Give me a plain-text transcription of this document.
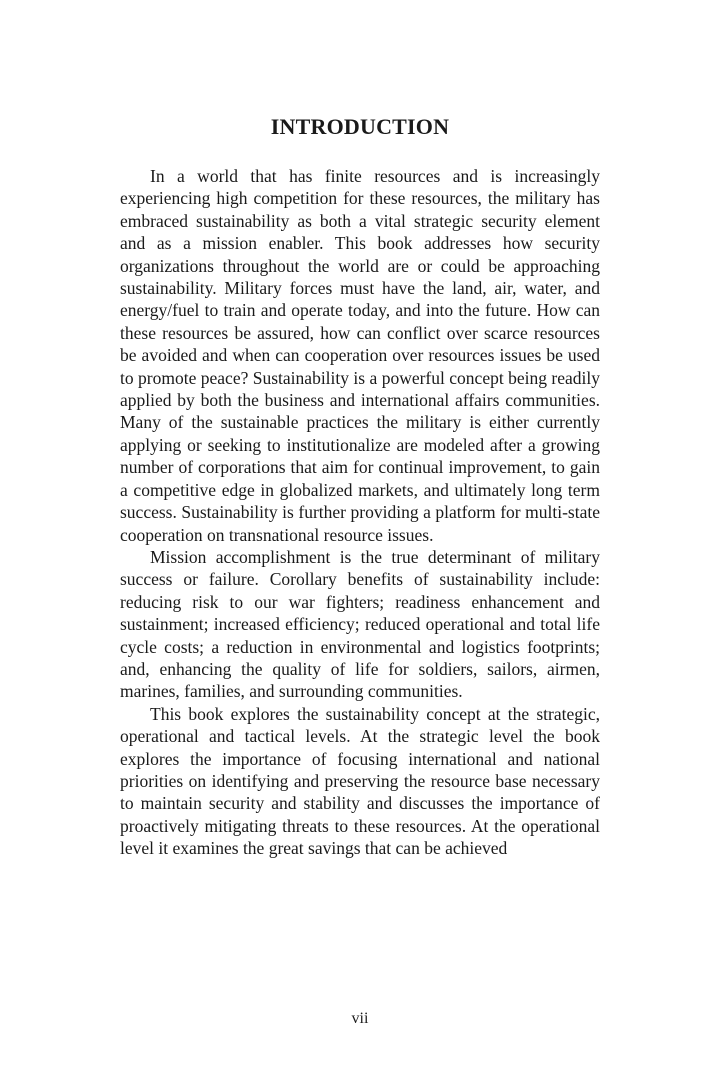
INTRODUCTION

In a world that has finite resources and is increasingly experiencing high competition for these resources, the military has embraced sustainability as both a vital strategic security element and as a mission enabler. This book addresses how security organizations throughout the world are or could be approaching sustainability. Military forces must have the land, air, water, and energy/fuel to train and operate today, and into the future. How can these resources be assured, how can conflict over scarce resources be avoided and when can cooperation over resources issues be used to promote peace? Sustainability is a powerful concept being readily applied by both the business and international affairs communities. Many of the sustainable practices the military is either currently applying or seeking to institutionalize are modeled after a growing number of corporations that aim for continual improvement, to gain a competitive edge in globalized markets, and ultimately long term success. Sustainability is further providing a platform for multi-state cooperation on transnational resource issues.

Mission accomplishment is the true determinant of military success or failure. Corollary benefits of sustainability include: reducing risk to our war fighters; readiness enhancement and sustainment; increased efficiency; reduced operational and total life cycle costs; a reduction in environmental and logistics footprints; and, enhancing the quality of life for soldiers, sailors, airmen, marines, families, and surrounding communities.

This book explores the sustainability concept at the strategic, operational and tactical levels. At the strategic level the book explores the importance of focusing international and national priorities on identifying and preserving the resource base necessary to maintain security and stability and discusses the importance of proactively mitigating threats to these resources. At the operational level it examines the great savings that can be achieved

vii
